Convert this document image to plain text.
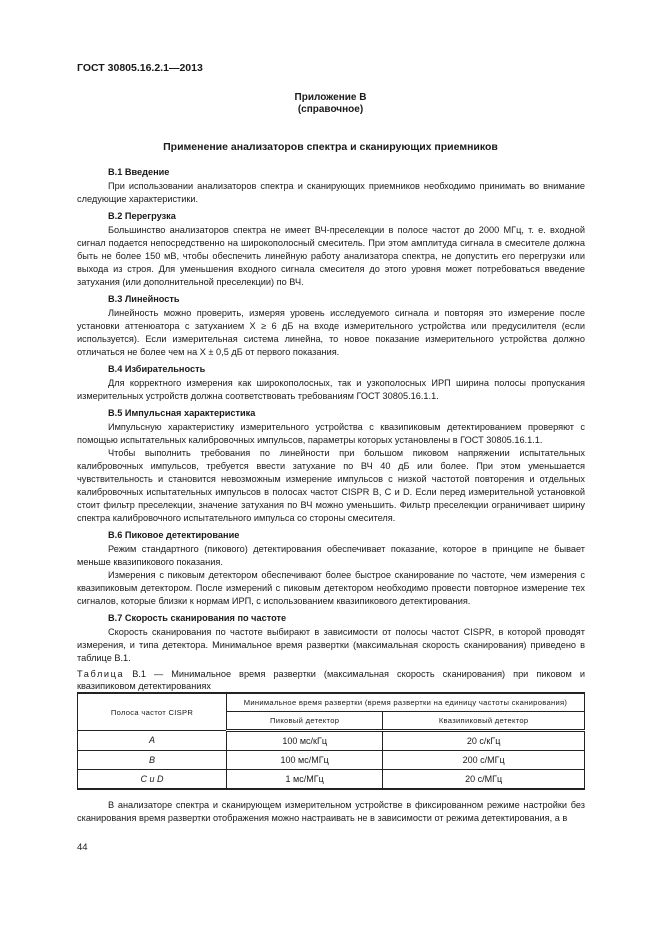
ГОСТ 30805.16.2.1—2013
Приложение В
(справочное)
Применение анализаторов спектра и сканирующих приемников
В.1 Введение

При использовании анализаторов спектра и сканирующих приемников необходимо принимать во внимание следующие характеристики.

В.2 Перегрузка

Большинство анализаторов спектра не имеет ВЧ-преселекции в полосе частот до 2000 МГц, т. е. входной сигнал подается непосредственно на широкополосный смеситель. При этом амплитуда сигнала в смесителе должна быть не более 150 мВ, чтобы обеспечить линейную работу анализатора спектра, не допустить его перегрузки или выхода из строя. Для уменьшения входного сигнала смесителя до этого уровня может потребоваться введение затухания (или дополнительной преселекции) по ВЧ.

В.3 Линейность

Линейность можно проверить, измеряя уровень исследуемого сигнала и повторяя это измерение после установки аттенюатора с затуханием X ≥ 6 дБ на входе измерительного устройства или предусилителя (если используется). Если измерительная система линейна, то новое показание измерительного устройства должно отличаться не более чем на X ± 0,5 дБ от первого показания.

В.4 Избирательность

Для корректного измерения как широкополосных, так и узкополосных ИРП ширина полосы пропускания измерительных устройств должна соответствовать требованиям ГОСТ 30805.16.1.1.

В.5 Импульсная характеристика

Импульсную характеристику измерительного устройства с квазипиковым детектированием проверяют с помощью испытательных калибровочных импульсов, параметры которых установлены в ГОСТ 30805.16.1.1.

Чтобы выполнить требования по линейности при большом пиковом напряжении испытательных калибровочных импульсов, требуется ввести затухание по ВЧ 40 дБ или более. При этом уменьшается чувствительность и становится невозможным измерение импульсов с низкой частотой повторения и отдельных калибровочных испытательных импульсов в полосах частот CISPR В, С и D. Если перед измерительной установкой стоит фильтр преселекции, значение затухания по ВЧ можно уменьшить. Фильтр преселекции ограничивает ширину спектра калибровочного испытательного импульса со стороны смесителя.

В.6 Пиковое детектирование

Режим стандартного (пикового) детектирования обеспечивает показание, которое в принципе не бывает меньше квазипикового показания.

Измерения с пиковым детектором обеспечивают более быстрое сканирование по частоте, чем измерения с квазипиковым детектором. После измерений с пиковым детектором необходимо провести повторное измерение тех сигналов, которые близки к нормам ИРП, с использованием квазипикового детектирования.

В.7 Скорость сканирования по частоте

Скорость сканирования по частоте выбирают в зависимости от полосы частот CISPR, в которой проводят измерения, и типа детектора. Минимальное время развертки (максимальная скорость сканирования) приведено в таблице В.1.

Таблица В.1 — Минимальное время развертки (максимальная скорость сканирования) при пиковом и квазипиковом детектированиях

Полоса частот CISPR	Минимальное время развертки (время развертки на единицу частоты сканирования)	
	Пиковый детектор	Квазипиковый детектор
A	100 мс/кГц	20 с/кГц
B	100 мс/МГц	200 с/МГц
C и D	1 мс/МГц	20 с/МГц

В анализаторе спектра и сканирующем измерительном устройстве в фиксированном режиме настройки без сканирования время развертки отображения можно настраивать не в зависимости от режима детектирования, а в

44
